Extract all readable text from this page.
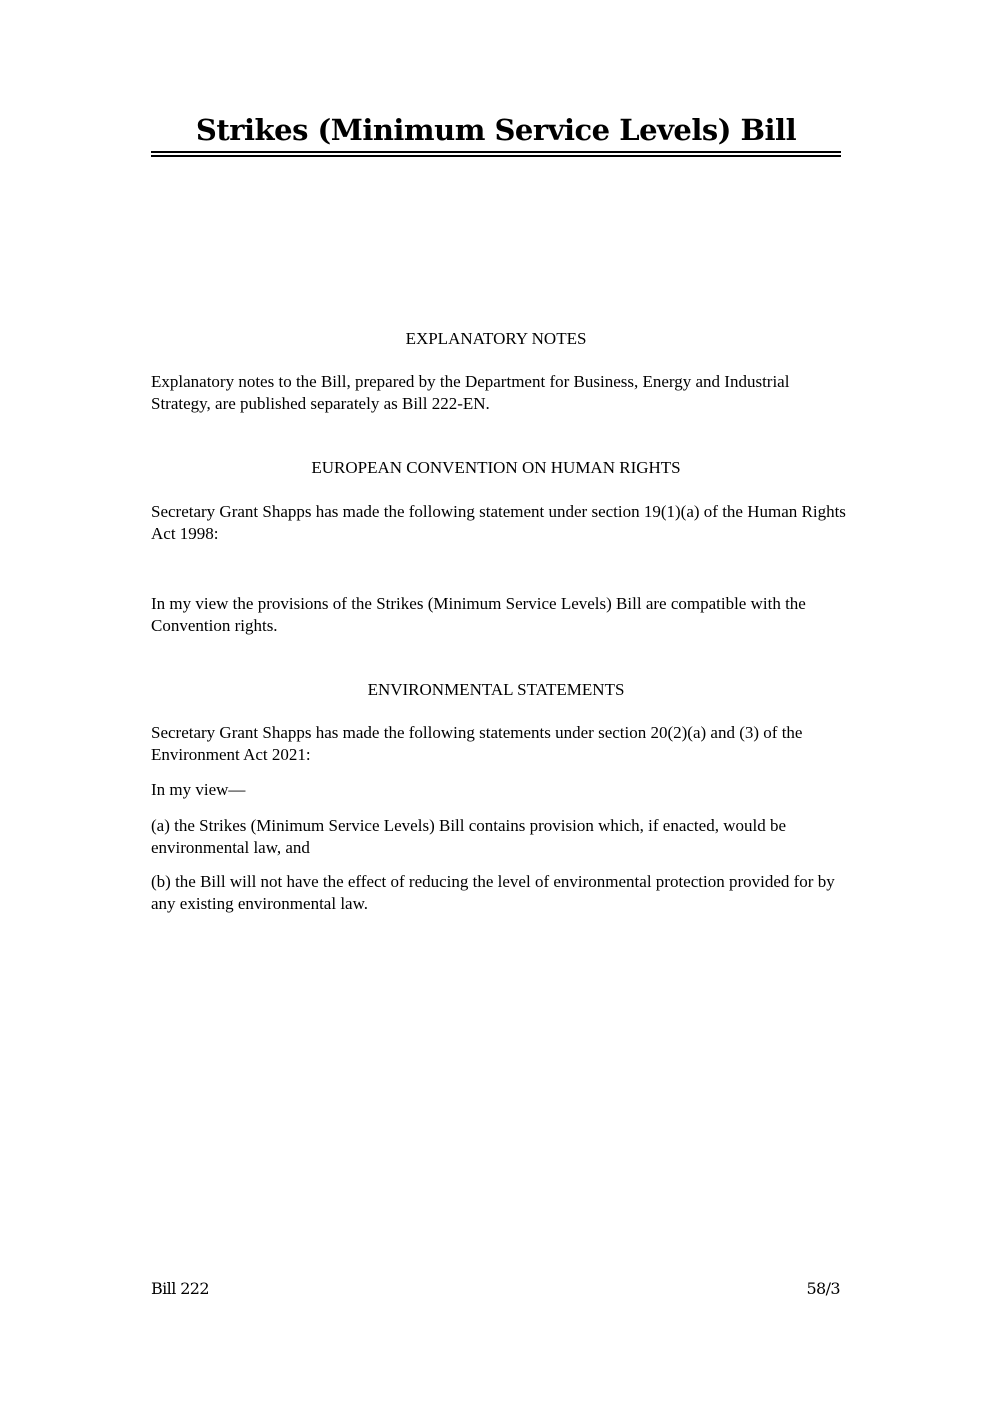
Strikes (Minimum Service Levels) Bill
EXPLANATORY NOTES

Explanatory notes to the Bill, prepared by the Department for Business, Energy and Industrial Strategy, are published separately as Bill 222-EN.

EUROPEAN CONVENTION ON HUMAN RIGHTS

Secretary Grant Shapps has made the following statement under section 19(1)(a) of the Human Rights Act 1998:

In my view the provisions of the Strikes (Minimum Service Levels) Bill are compatible with the Convention rights.

ENVIRONMENTAL STATEMENTS

Secretary Grant Shapps has made the following statements under section 20(2)(a) and (3) of the Environment Act 2021:

In my view—

(a) the Strikes (Minimum Service Levels) Bill contains provision which, if enacted, would be environmental law, and

(b) the Bill will not have the effect of reducing the level of environmental protection provided for by any existing environmental law.

Bill 222	58/3
